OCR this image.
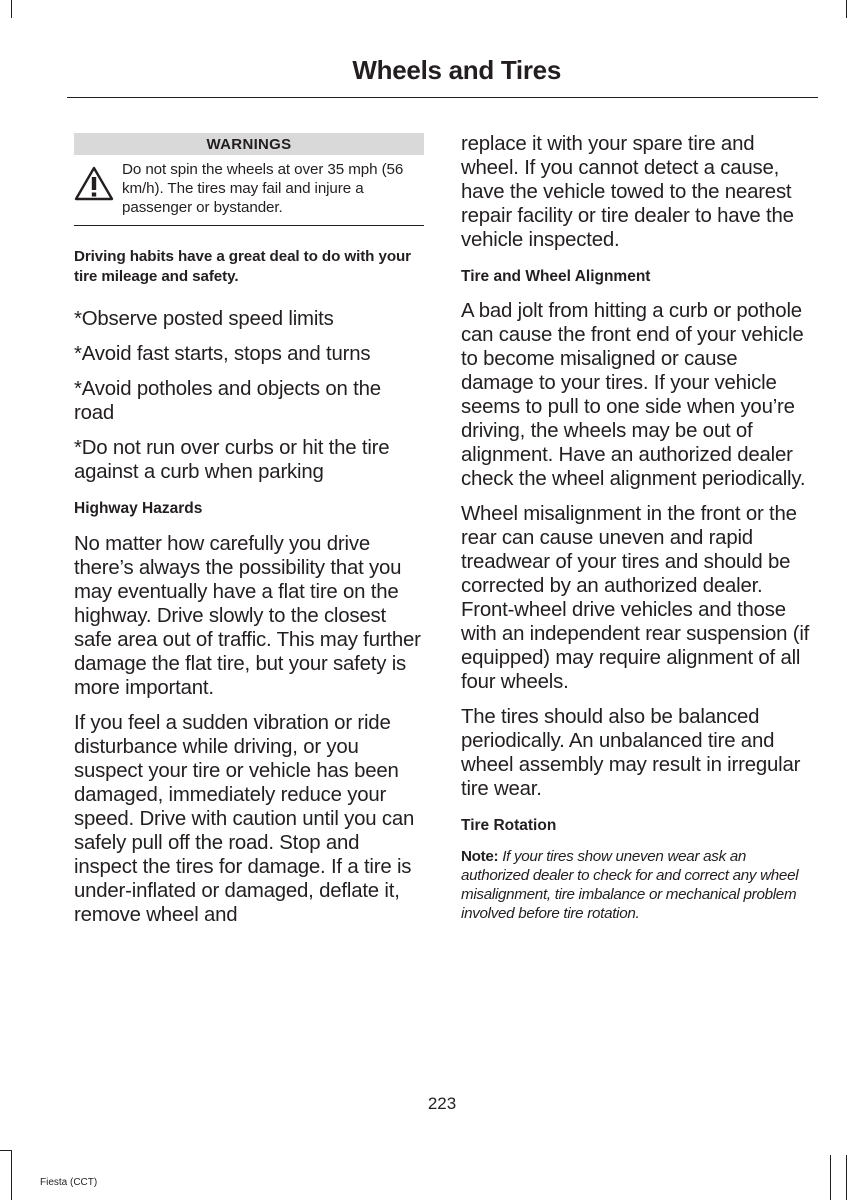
Wheels and Tires
WARNINGS
Do not spin the wheels at over 35 mph (56 km/h). The tires may fail and injure a passenger or bystander.
Driving habits have a great deal to do with your tire mileage and safety.

*Observe posted speed limits

*Avoid fast starts, stops and turns

*Avoid potholes and objects on the road

*Do not run over curbs or hit the tire against a curb when parking

Highway Hazards

No matter how carefully you drive there’s always the possibility that you may eventually have a flat tire on the highway. Drive slowly to the closest safe area out of traffic. This may further damage the flat tire, but your safety is more important.

If you feel a sudden vibration or ride disturbance while driving, or you suspect your tire or vehicle has been damaged, immediately reduce your speed. Drive with caution until you can safely pull off the road. Stop and inspect the tires for damage. If a tire is under-inflated or damaged, deflate it, remove wheel and

replace it with your spare tire and wheel. If you cannot detect a cause, have the vehicle towed to the nearest repair facility or tire dealer to have the vehicle inspected.

Tire and Wheel Alignment

A bad jolt from hitting a curb or pothole can cause the front end of your vehicle to become misaligned or cause damage to your tires. If your vehicle seems to pull to one side when you’re driving, the wheels may be out of alignment. Have an authorized dealer check the wheel alignment periodically.

Wheel misalignment in the front or the rear can cause uneven and rapid treadwear of your tires and should be corrected by an authorized dealer. Front-wheel drive vehicles and those with an independent rear suspension (if equipped) may require alignment of all four wheels.

The tires should also be balanced periodically. An unbalanced tire and wheel assembly may result in irregular tire wear.

Tire Rotation
Note: If your tires show uneven wear ask an authorized dealer to check for and correct any wheel misalignment, tire imbalance or mechanical problem involved before tire rotation.
223
Fiesta (CCT)
